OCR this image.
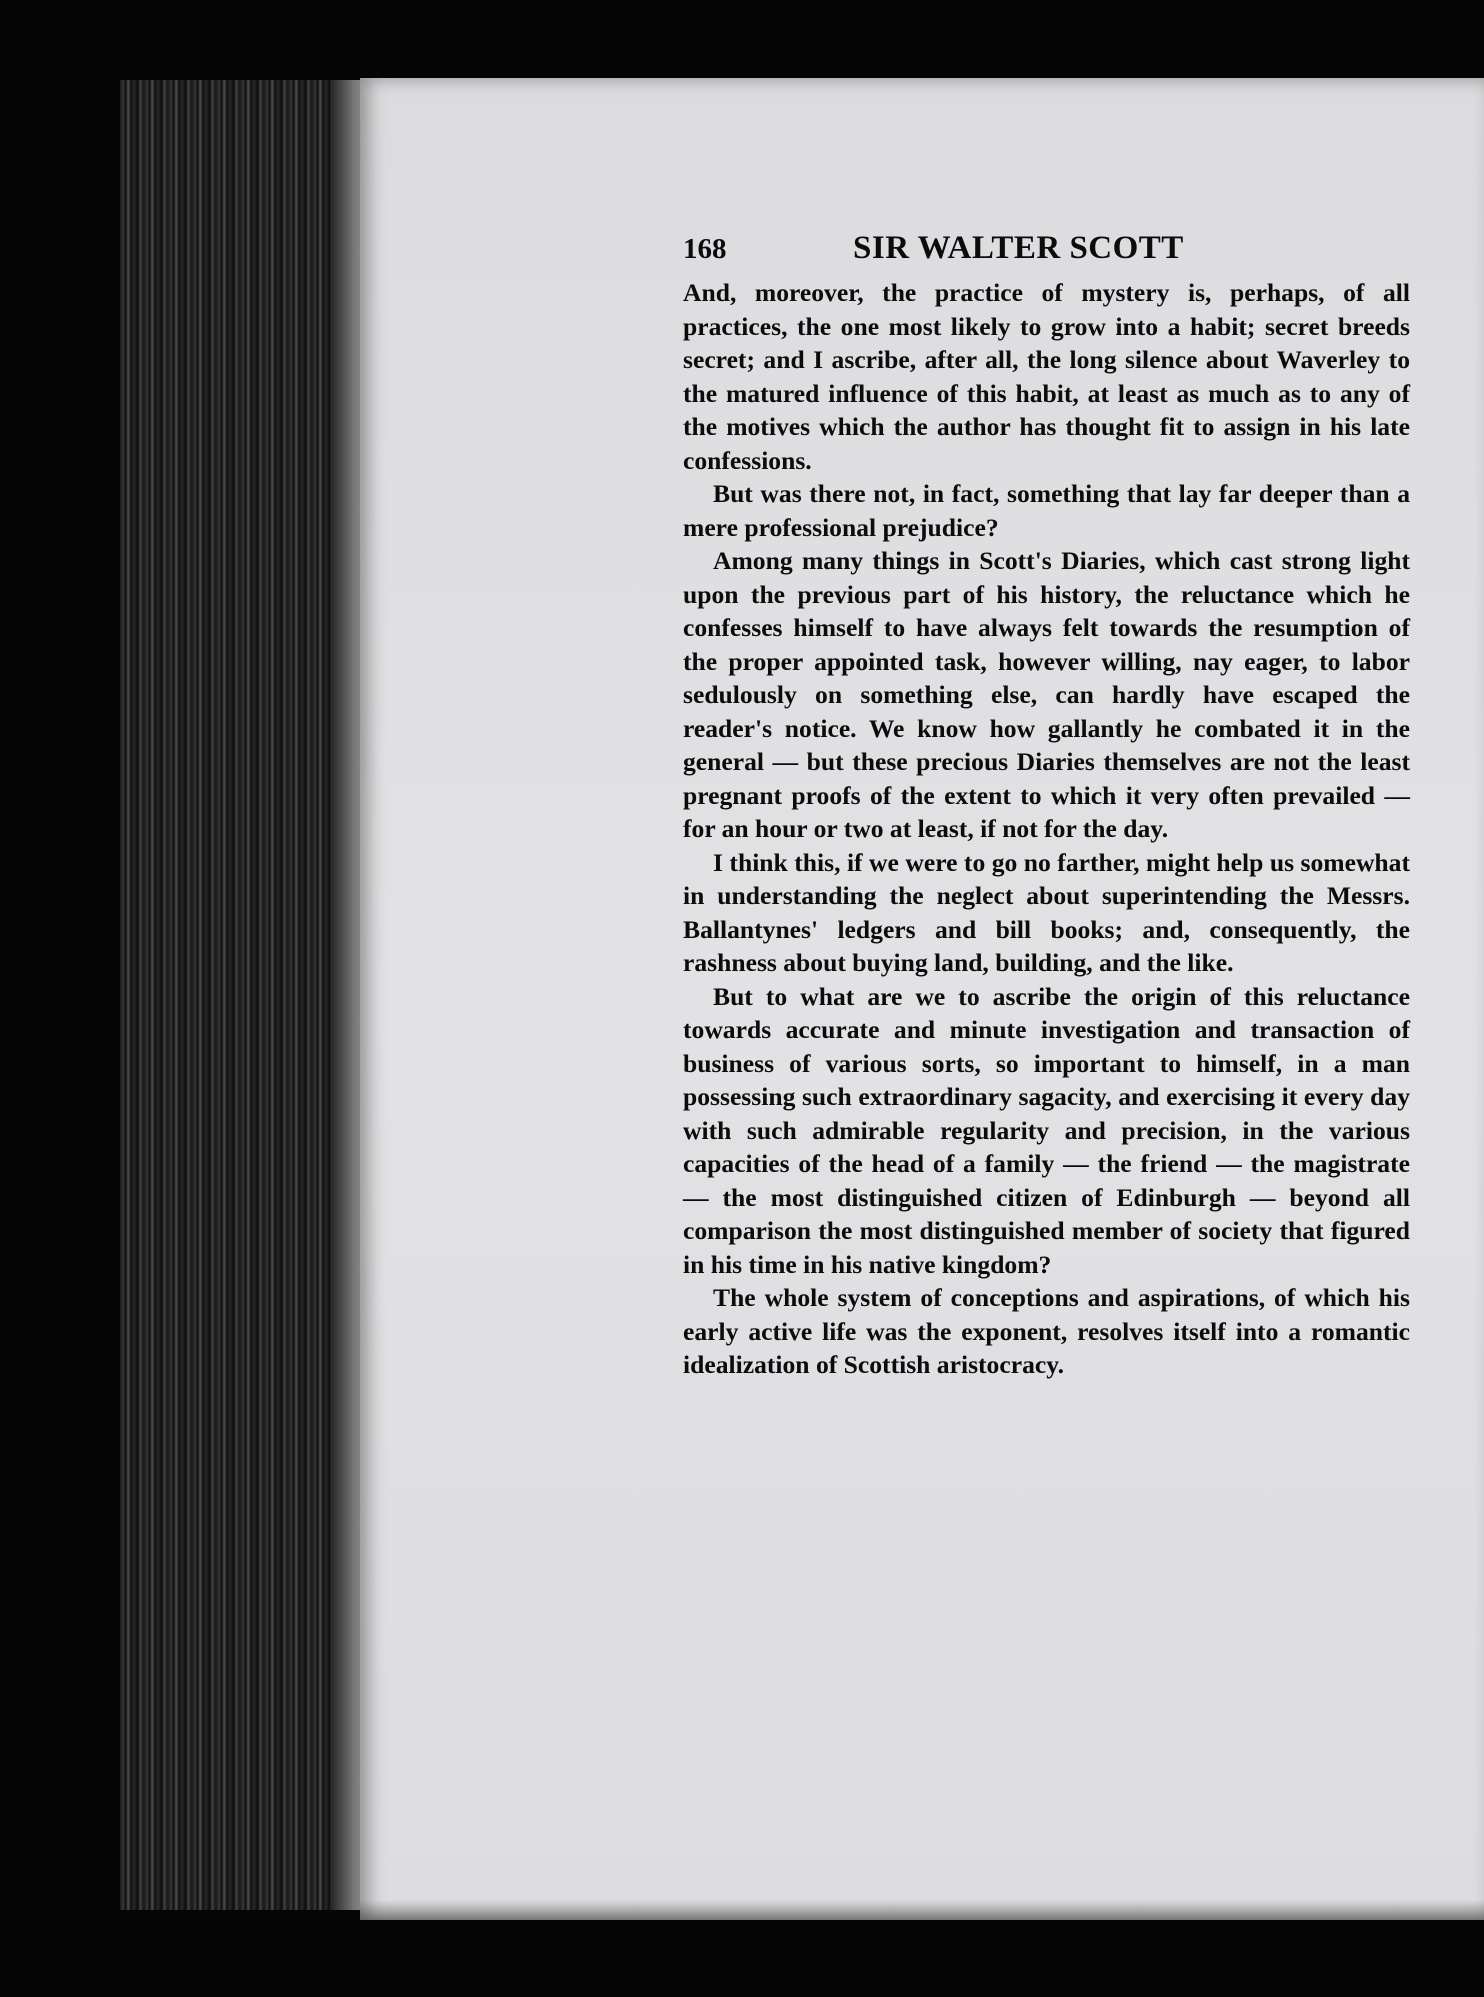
168	SIR WALTER SCOTT

And, moreover, the practice of mystery is, perhaps, of all practices, the one most likely to grow into a habit; secret breeds secret; and I ascribe, after all, the long silence about Waverley to the matured influence of this habit, at least as much as to any of the motives which the author has thought fit to assign in his late confessions.

But was there not, in fact, something that lay far deeper than a mere professional prejudice?

Among many things in Scott's Diaries, which cast strong light upon the previous part of his history, the reluctance which he confesses himself to have always felt towards the resumption of the proper appointed task, however willing, nay eager, to labor sedulously on something else, can hardly have escaped the reader's notice. We know how gallantly he combated it in the general — but these precious Diaries themselves are not the least pregnant proofs of the extent to which it very often prevailed — for an hour or two at least, if not for the day.

I think this, if we were to go no farther, might help us somewhat in understanding the neglect about superintending the Messrs. Ballantynes' ledgers and bill books; and, consequently, the rashness about buying land, building, and the like.

But to what are we to ascribe the origin of this reluctance towards accurate and minute investigation and transaction of business of various sorts, so important to himself, in a man possessing such extraordinary sagacity, and exercising it every day with such admirable regularity and precision, in the various capacities of the head of a family — the friend — the magistrate — the most distinguished citizen of Edinburgh — beyond all comparison the most distinguished member of society that figured in his time in his native kingdom?

The whole system of conceptions and aspirations, of which his early active life was the exponent, resolves itself into a romantic idealization of Scottish aristocracy.
